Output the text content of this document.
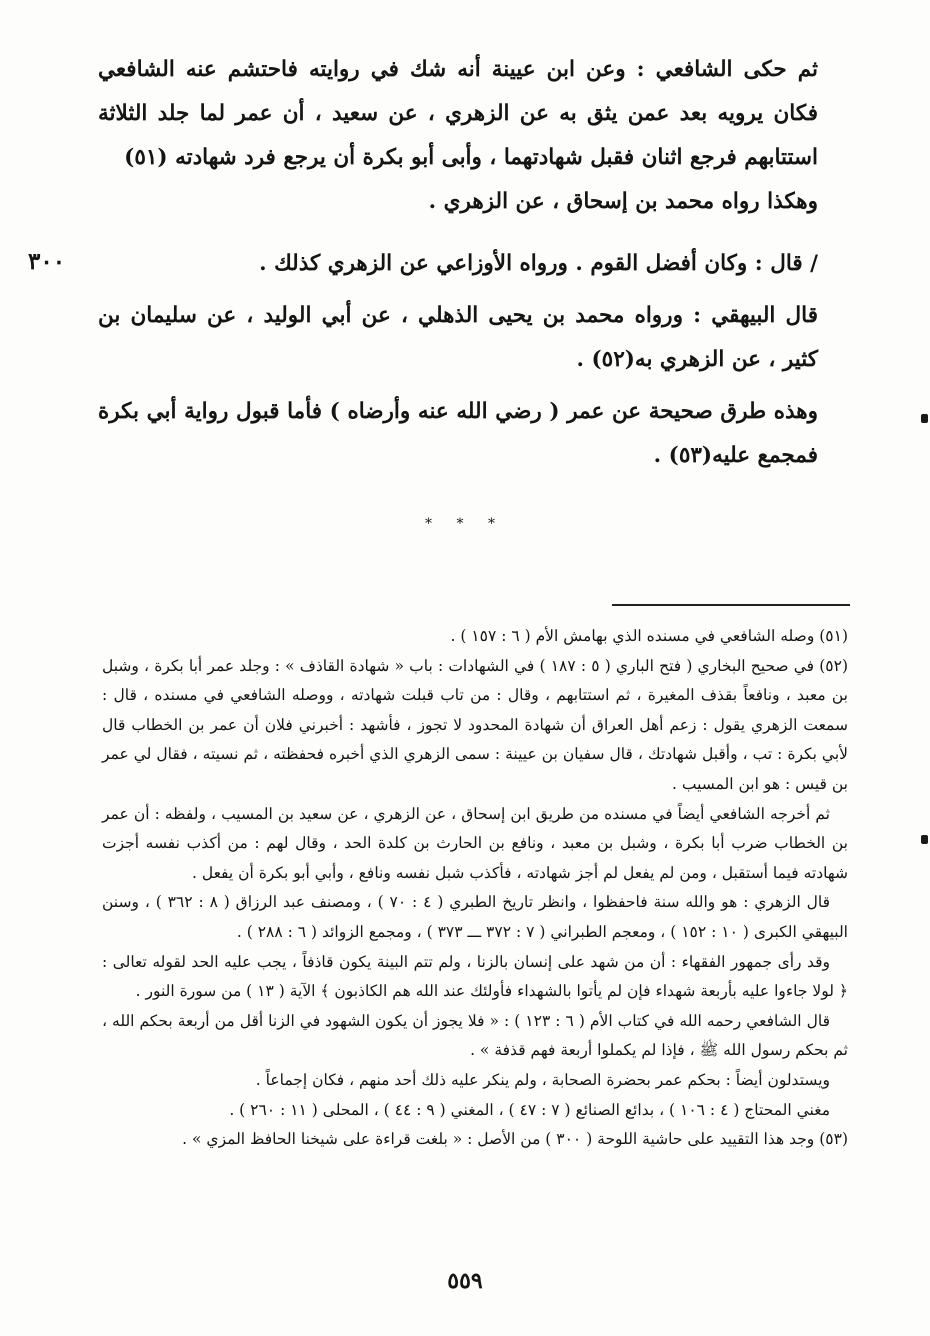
٣٠٠

ثم حكى الشافعي : وعن ابن عيينة أنه شك في روايته فاحتشم عنه الشافعي فكان يرويه بعد عمن يثق به عن الزهري ، عن سعيد ، أن عمر لما جلد الثلاثة استتابهم فرجع اثنان فقبل شهادتهما ، وأبى أبو بكرة أن يرجع فرد شهادته (٥١)

وهكذا رواه محمد بن إسحاق ، عن الزهري .

/ قال : وكان أفضل القوم . ورواه الأوزاعي عن الزهري كذلك .

قال البيهقي : ورواه محمد بن يحيى الذهلي ، عن أبي الوليد ، عن سليمان بن كثير ، عن الزهري به(٥٢) .

وهذه طرق صحيحة عن عمر ( رضي الله عنه وأرضاه ) فأما قبول رواية أبي بكرة فمجمع عليه(٥٣) .

* * *

(٥١) وصله الشافعي في مسنده الذي بهامش الأم ( ٦ : ١٥٧ ) .

(٥٢) في صحيح البخاري ( فتح الباري ( ٥ : ١٨٧ ) في الشهادات : باب « شهادة القاذف » : وجلد عمر أبا بكرة ، وشبل بن معبد ، ونافعاً بقذف المغيرة ، ثم استتابهم ، وقال : من تاب قبلت شهادته ، ووصله الشافعي في مسنده ، قال : سمعت الزهري يقول : زعم أهل العراق أن شهادة المحدود لا تجوز ، فأشهد : أخبرني فلان أن عمر بن الخطاب قال لأبي بكرة : تب ، وأقبل شهادتك ، قال سفيان بن عيينة : سمى الزهري الذي أخبره فحفظته ، ثم نسيته ، فقال لي عمر بن قيس : هو ابن المسيب .

ثم أخرجه الشافعي أيضاً في مسنده من طريق ابن إسحاق ، عن الزهري ، عن سعيد بن المسيب ، ولفظه : أن عمر بن الخطاب ضرب أبا بكرة ، وشبل بن معبد ، ونافع بن الحارث بن كلدة الحد ، وقال لهم : من أكذب نفسه أجزت شهادته فيما أستقبل ، ومن لم يفعل لم أجز شهادته ، فأكذب شبل نفسه ونافع ، وأبي أبو بكرة أن يفعل .

قال الزهري : هو والله سنة فاحفظوا ، وانظر تاريخ الطبري ( ٤ : ٧٠ ) ، ومصنف عبد الرزاق ( ٨ : ٣٦٢ ) ، وسنن البيهقي الكبرى ( ١٠ : ١٥٢ ) ، ومعجم الطبراني ( ٧ : ٣٧٢ ـــ ٣٧٣ ) ، ومجمع الزوائد ( ٦ : ٢٨٨ ) .

وقد رأى جمهور الفقهاء : أن من شهد على إنسان بالزنا ، ولم تتم البينة يكون قاذفاً ، يجب عليه الحد لقوله تعالى : ﴿ لولا جاءوا عليه بأربعة شهداء فإن لم يأتوا بالشهداء فأولئك عند الله هم الكاذبون ﴾ الآية ( ١٣ ) من سورة النور .

قال الشافعي رحمه الله في كتاب الأم ( ٦ : ١٢٣ ) : « فلا يجوز أن يكون الشهود في الزنا أقل من أربعة بحكم الله ، ثم بحكم رسول الله ﷺ ، فإذا لم يكملوا أربعة فهم قذفة » .

ويستدلون أيضاً : بحكم عمر بحضرة الصحابة ، ولم ينكر عليه ذلك أحد منهم ، فكان إجماعاً .

مغني المحتاج ( ٤ : ١٠٦ ) ، بدائع الصنائع ( ٧ : ٤٧ ) ، المغني ( ٩ : ٤٤ ) ، المحلى ( ١١ : ٢٦٠ ) .

(٥٣) وجد هذا التقييد على حاشية اللوحة ( ٣٠٠ ) من الأصل : « بلغت قراءة على شيخنا الحافظ المزي » .

٥٥٩
